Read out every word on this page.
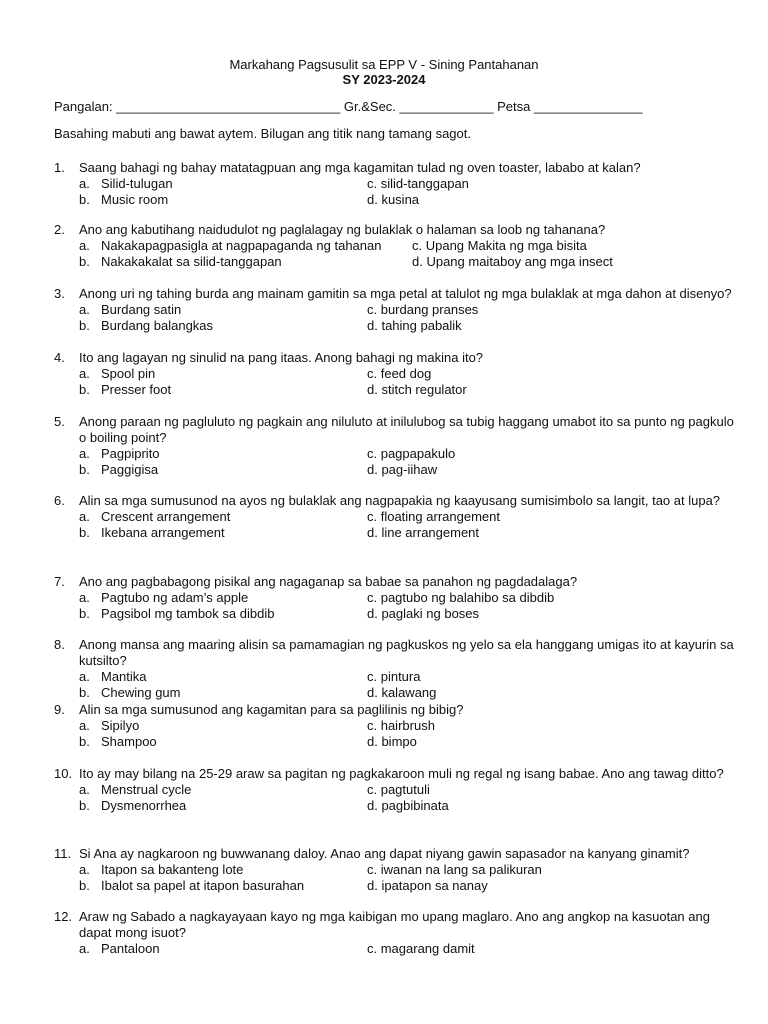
Markahang Pagsusulit sa EPP V - Sining Pantahanan
SY 2023-2024
Pangalan: _______________________________ Gr.&Sec. _____________ Petsa _______________
Basahing mabuti ang bawat aytem. Bilugan ang titik nang tamang sagot.
1. Saang bahagi ng bahay matatagpuan ang mga kagamitan tulad ng oven toaster, lababo at kalan?
a. Silid-tulugan	c. silid-tanggapan
b. Music room	d. kusina
2. Ano ang kabutihang naidudulot ng paglalagay ng bulaklak o halaman sa loob ng tahanana?
a. Nakakapagpasigla at nagpapaganda ng tahanan c. Upang Makita ng mga bisita
b. Nakakakalat sa silid-tanggapan	d. Upang maitaboy ang mga insect
3. Anong uri ng tahing burda ang mainam gamitin sa mga petal at talulot ng mga bulaklak at mga dahon at disenyo?
a. Burdang satin	c. burdang pranses
b. Burdang balangkas	d. tahing pabalik
4. Ito ang lagayan ng sinulid na pang itaas. Anong bahagi ng makina ito?
a. Spool pin	c. feed dog
b. Presser foot	d. stitch regulator
5. Anong paraan ng pagluluto ng pagkain ang niluluto at inilulubog sa tubig haggang umabot ito sa punto ng pagkulo o boiling point?
a. Pagpiprito	c. pagpapakulo
b. Paggigisa	d. pag-iihaw
6. Alin sa mga sumusunod na ayos ng bulaklak ang nagpapakia ng kaayusang sumisimbolo sa langit, tao at lupa?
a. Crescent arrangement	c. floating arrangement
b. Ikebana arrangement	d. line arrangement
7. Ano ang pagbabagong pisikal ang nagaganap sa babae sa panahon ng pagdadalaga?
a. Pagtubo ng adam’s apple	c. pagtubo ng balahibo sa dibdib
b. Pagsibol mg tambok sa dibdib	d. paglaki ng boses
8. Anong mansa ang maaring alisin sa pamamagian ng pagkuskos ng yelo sa ela hanggang umigas ito at kayurin sa kutsilto?
a. Mantika	c. pintura
b. Chewing gum	d. kalawang
9. Alin sa mga sumusunod ang kagamitan para sa paglilinis ng bibig?
a. Sipilyo	c. hairbrush
b. Shampoo	d. bimpo
10. Ito ay may bilang na 25-29 araw sa pagitan ng pagkakaroon muli ng regal ng isang babae. Ano ang tawag ditto?
a. Menstrual cycle	c. pagtutuli
b. Dysmenorrhea	d. pagbibinata
11. Si Ana ay nagkaroon ng buwwanang daloy. Anao ang dapat niyang gawin sapasador na kanyang ginamit?
a. Itapon sa bakanteng lote	c. iwanan na lang sa palikuran
b. Ibalot sa papel at itapon basurahan	d. ipatapon sa nanay
12. Araw ng Sabado a nagkayayaan kayo ng mga kaibigan mo upang maglaro. Ano ang angkop na kasuotan ang dapat mong isuot?
a. Pantaloon	c. magarang damit
